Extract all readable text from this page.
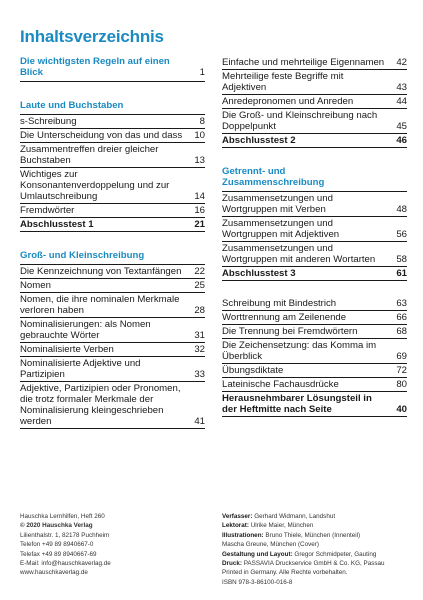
Inhaltsverzeichnis
Die wichtigsten Regeln auf einen Blick	1
Laute und Buchstaben
s-Schreibung	8
Die Unterscheidung von das und dass	10
Zusammentreffen dreier gleicher Buchstaben	13
Wichtiges zur Konsonantenverdoppelung und zur Umlautschreibung	14
Fremdwörter	16
Abschlusstest 1	21
Groß- und Kleinschreibung
Die Kennzeichnung von Textanfängen	22
Nomen	25
Nomen, die ihre nominalen Merkmale verloren haben	28
Nominalisierungen: als Nomen gebrauchte Wörter	31
Nominalisierte Verben	32
Nominalisierte Adjektive und Partizipien	33
Adjektive, Partizipien oder Pronomen, die trotz formaler Merkmale der Nominalisierung kleingeschrieben werden	41
Einfache und mehrteilige Eigennamen	42
Mehrteilige feste Begriffe mit Adjektiven	43
Anredepronomen und Anreden	44
Die Groß- und Kleinschreibung nach Doppelpunkt	45
Abschlusstest 2	46
Getrennt- und Zusammenschreibung
Zusammensetzungen und Wortgruppen mit Verben	48
Zusammensetzungen und Wortgruppen mit Adjektiven	56
Zusammensetzungen und Wortgruppen mit anderen Wortarten	58
Abschlusstest 3	61
Schreibung mit Bindestrich	63
Worttrennung am Zeilenende	66
Die Trennung bei Fremdwörtern	68
Die Zeichensetzung: das Komma im Überblick	69
Übungsdiktate	72
Lateinische Fachausdrücke	80
Herausnehmbarer Lösungsteil in der Heftmitte nach Seite	40
Hauschka Lernhilfen, Heft 260
© 2020 Hauschka Verlag
Lilienthalstr. 1, 82178 Puchheim
Telefon +49 89 8940667-0
Telefax +49 89 8940667-69
E-Mail: info@hauschkaverlag.de
www.hauschkaverlag.de
Verfasser: Gerhard Widmann, Landshut
Lektorat: Ulrike Maier, München
Illustrationen: Bruno Thiele, München (Innenteil)
Mascha Greune, München (Cover)
Gestaltung und Layout: Gregor Schmidpeter, Gauting
Druck: PASSAVIA Druckservice GmbH & Co. KG, Passau
Printed in Germany. Alle Rechte vorbehalten.
ISBN 978-3-86100-016-8
